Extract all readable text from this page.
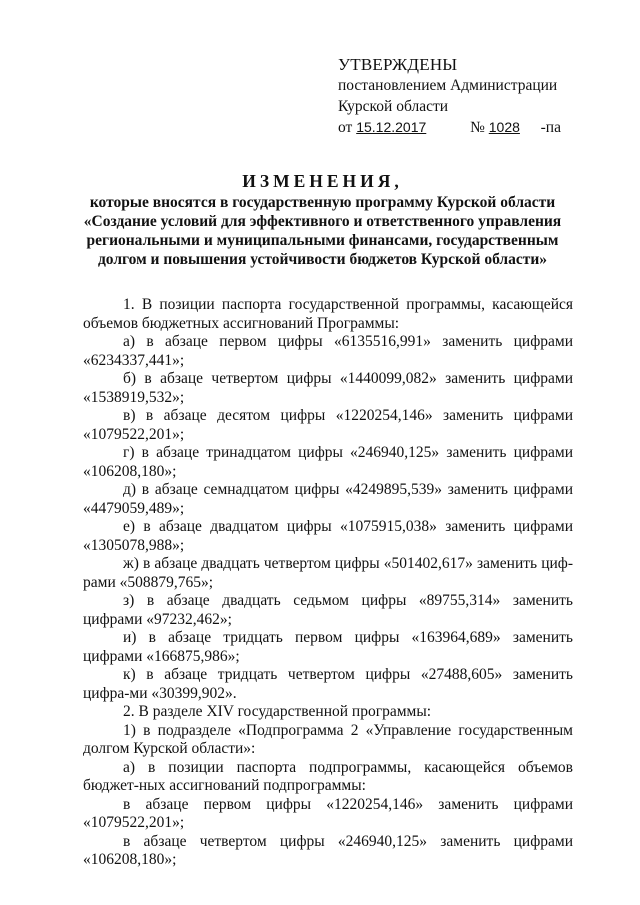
УТВЕРЖДЕНЫ
постановлением Администрации
Курской области
от 15.12.2017	№ 1028 -па
ИЗМЕНЕНИЯ,
которые вносятся в государственную программу Курской области
«Создание условий для эффективного и ответственного управления
региональными и муниципальными финансами, государственным
долгом и повышения устойчивости бюджетов Курской области»

1. В позиции паспорта государственной программы, касающейся объемов бюджетных ассигнований Программы:

а) в абзаце первом цифры «6135516,991» заменить цифрами «6234337,441»;

б) в абзаце четвертом цифры «1440099,082» заменить цифрами «1538919,532»;

в) в абзаце десятом цифры «1220254,146» заменить цифрами «1079522,201»;

г) в абзаце тринадцатом цифры «246940,125» заменить цифрами «106208,180»;

д) в абзаце семнадцатом цифры «4249895,539» заменить цифрами «4479059,489»;

е) в абзаце двадцатом цифры «1075915,038» заменить цифрами «1305078,988»;

ж) в абзаце двадцать четвертом цифры «501402,617» заменить циф-рами «508879,765»;

з) в абзаце двадцать седьмом цифры «89755,314» заменить цифрами «97232,462»;

и) в абзаце тридцать первом цифры «163964,689» заменить цифрами «166875,986»;

к) в абзаце тридцать четвертом цифры «27488,605» заменить цифра-ми «30399,902».

2. В разделе XIV государственной программы:

1) в подразделе «Подпрограмма 2 «Управление государственным долгом Курской области»:

а) в позиции паспорта подпрограммы, касающейся объемов бюджет-ных ассигнований подпрограммы:

в абзаце первом цифры «1220254,146» заменить цифрами

«1079522,201»;

в абзаце четвертом цифры «246940,125» заменить цифрами

«106208,180»;
